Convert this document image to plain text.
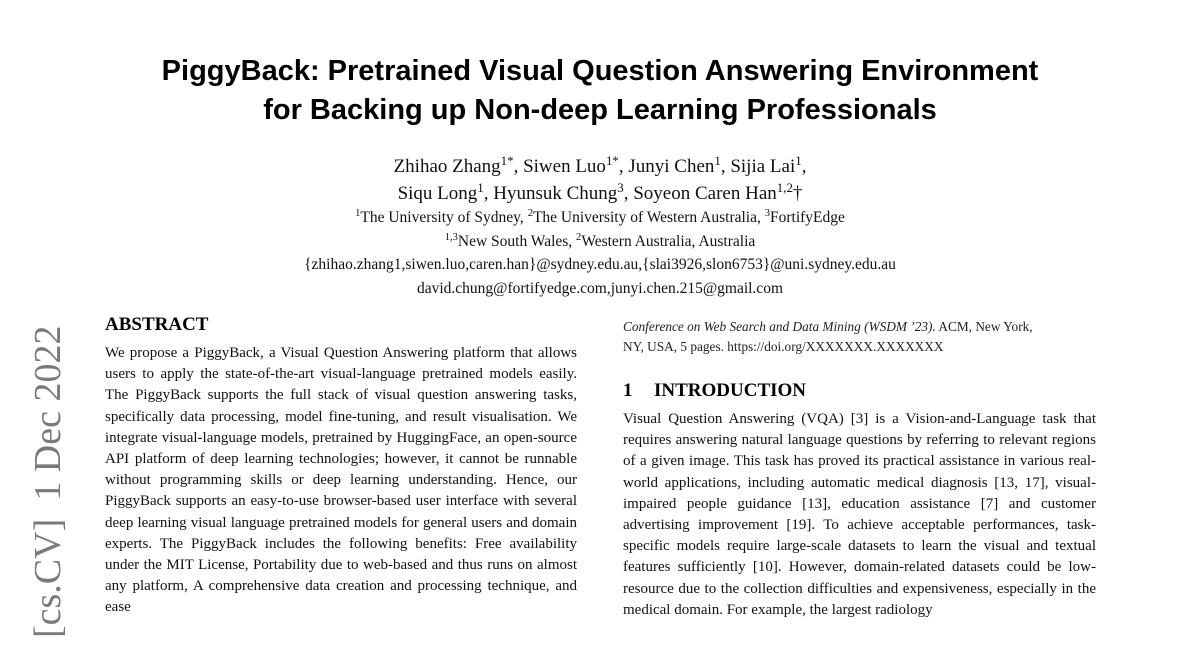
PiggyBack: Pretrained Visual Question Answering Environment
for Backing up Non-deep Learning Professionals
Zhihao Zhang$^{1*}$, Siwen Luo$^{1*}$, Junyi Chen$^1$, Sijia Lai$^1$,
Siqu Long$^1$, Hyunsuk Chung$^3$, Soyeon Caren Han$^{1,2}$†
$^1$The University of Sydney, $^2$The University of Western Australia, $^3$FortifyEdge
$^{1,3}$New South Wales, $^2$Western Australia, Australia
{zhihao.zhang1,siwen.luo,caren.han}@sydney.edu.au,{slai3926,slon6753}@uni.sydney.edu.au
david.chung@fortifyedge.com,junyi.chen.215@gmail.com
[cs.CV]1 Dec 2022
ABSTRACT

We propose a PiggyBack, a Visual Question Answering platform that allows users to apply the state-of-the-art visual-language pretrained models easily. The PiggyBack supports the full stack of visual question answering tasks, specifically data processing, model fine-tuning, and result visualisation. We integrate visual-language models, pretrained by HuggingFace, an open-source API platform of deep learning technologies; however, it cannot be runnable without programming skills or deep learning understanding. Hence, our PiggyBack supports an easy-to-use browser-based user interface with several deep learning visual language pretrained models for general users and domain experts. The PiggyBack includes the following benefits: Free availability under the MIT License, Portability due to web-based and thus runs on almost any platform, A comprehensive data creation and processing technique, and ease

Conference on Web Search and Data Mining (WSDM ’23). ACM, New York,

NY, USA, 5 pages. https://doi.org/XXXXXXX.XXXXXXX

1 INTRODUCTION

Visual Question Answering (VQA) [3] is a Vision-and-Language task that requires answering natural language questions by referring to relevant regions of a given image. This task has proved its practical assistance in various real-world applications, including automatic medical diagnosis [13, 17], visual-impaired people guidance [13], education assistance [7] and customer advertising improvement [19]. To achieve acceptable performances, task-specific models require large-scale datasets to learn the visual and textual features sufficiently [10]. However, domain-related datasets could be low-resource due to the collection difficulties and expensiveness, especially in the medical domain. For example, the largest radiology
